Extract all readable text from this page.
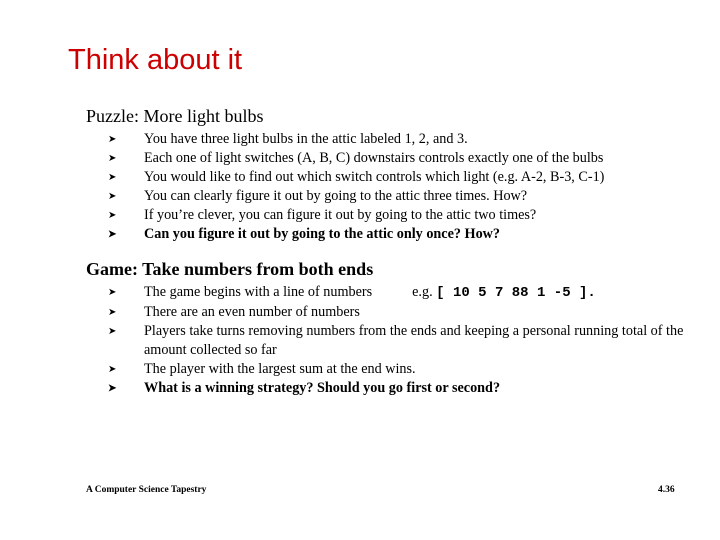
Think about it
Puzzle: More light bulbs
➤ You have three light bulbs in the attic labeled 1, 2, and 3.
➤ Each one of light switches (A, B, C) downstairs controls exactly one of the bulbs
➤ You would like to find out which switch controls which light (e.g. A-2, B-3, C-1)
➤ You can clearly figure it out by going to the attic three times. How?
➤ If you’re clever, you can figure it out by going to the attic two times?
➤ Can you figure it out by going to the attic only once? How?
Game: Take numbers from both ends
➤ The game begins with a line of numbers	e.g. [ 10 5 7 88 1 -5 ].
➤ There are an even number of numbers
➤ Players take turns removing numbers from the ends and keeping a personal running total of the amount collected so far
➤ The player with the largest sum at the end wins.
➤ What is a winning strategy? Should you go first or second?
A Computer Science Tapestry	4.36
